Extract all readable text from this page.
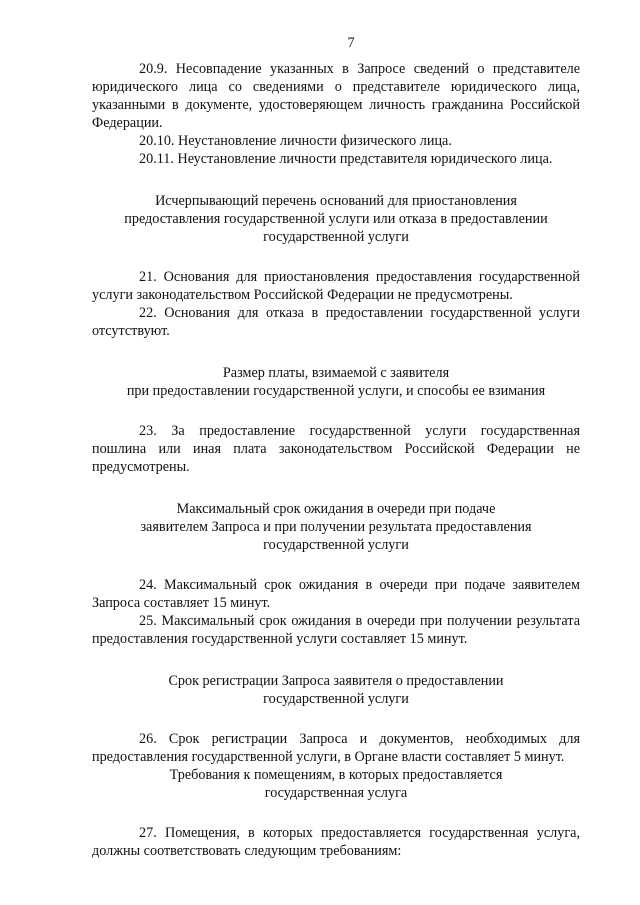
7

20.9. Несовпадение указанных в Запросе сведений о представителе юридического лица со сведениями о представителе юридического лица, указанными в документе, удостоверяющем личность гражданина Российской Федерации.

20.10. Неустановление личности физического лица.

20.11. Неустановление личности представителя юридического лица.

Исчерпывающий перечень оснований для приостановления
предоставления государственной услуги или отказа в предоставлении
государственной услуги

21. Основания для приостановления предоставления государственной услуги законодательством Российской Федерации не предусмотрены.

22. Основания для отказа в предоставлении государственной услуги отсутствуют.

Размер платы, взимаемой с заявителя
при предоставлении государственной услуги, и способы ее взимания

23. За предоставление государственной услуги государственная пошлина или иная плата законодательством Российской Федерации не предусмотрены.

Максимальный срок ожидания в очереди при подаче
заявителем Запроса и при получении результата предоставления
государственной услуги

24. Максимальный срок ожидания в очереди при подаче заявителем Запроса составляет 15 минут.

25. Максимальный срок ожидания в очереди при получении результата предоставления государственной услуги составляет 15 минут.

Срок регистрации Запроса заявителя о предоставлении
государственной услуги

26. Срок регистрации Запроса и документов, необходимых для предоставления государственной услуги, в Органе власти составляет 5 минут.

Требования к помещениям, в которых предоставляется
государственная услуга

27. Помещения, в которых предоставляется государственная услуга, должны соответствовать следующим требованиям:
